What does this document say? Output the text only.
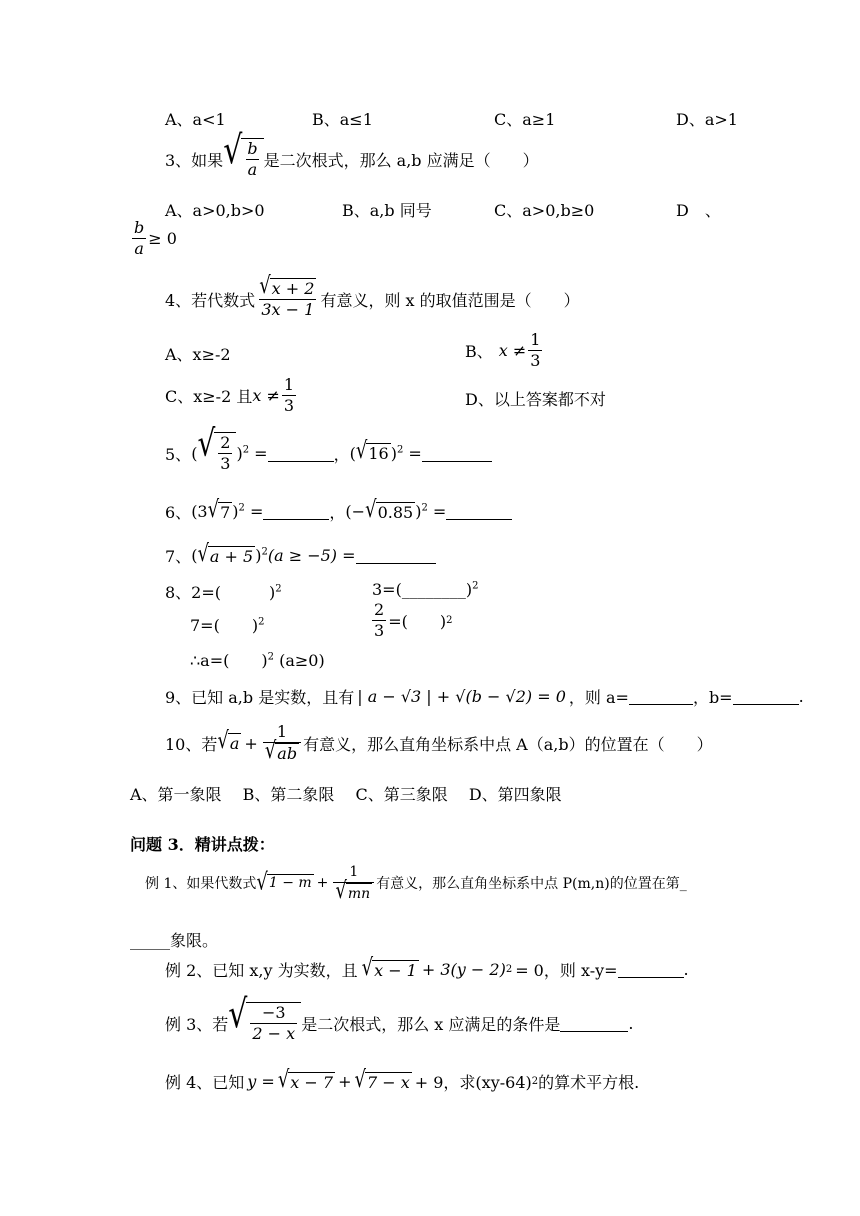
A、a<1	B、a≤1	C、a≥1	D、a>1
3、如果 √ $\frac{b}{a}$ 是二次根式，那么 a,b 应满足（　　）
A、a>0,b>0	B、a,b 同号	C、a>0,b≥0	D　、
$\frac{b}{a} \ge 0$
4、若代数式 $\frac{√ x + 2}{3x - 1}$ 有意义，则 x 的取值范围是（　　）
A、x≥-2	B、 $x \ne \frac{1}{3}$
C、x≥-2 且 $x \ne \frac{1}{3}$	D、以上答案都不对
5、 ( √ $\frac{2}{3} )^2$ =	， ( √ 16 )$^2$ =
6、 (3 √ 7 )$^2$ =	， (− √ 0.85 )$^2$ =
7、 ( √ a + 5 )$^2$ (a ≥ −5) =
8、2=(　　　)$^2$	3=(________)$^2$
7=(　　)$^2$	$\frac{2}{3}$ =(　　) 2
∴a=(　　)$^2$ (a≥0)
9、已知 a,b 是实数，且有 | a − √3 | + √(b − √2) = 0 ，则 a=	，b=	.
10、若 √ $a + \frac{1}{√ ab}$ 有意义，那么直角坐标系中点 A（a,b）的位置在（　　）
A、第一象限　 B、第二象限　 C、第三象限　 D、第四象限
问题 3．精讲点拨：
例 1、如果代数式 √ $1 - m + \frac{1}{√ mn}$ 有意义，那么直角坐标系中点 P(m,n)的位置在第_
_____象限。
例 2、已知 x,y 为实数，且 √ x − 1 + 3(y − 2) 2 = 0，则 x-y=	.
例 3、若 √ $\frac{-3}{2 - x}$ 是二次根式，那么 x 应满足的条件是	.
例 4、已知 y = √ x − 7 + √ 7 − x + 9，求(xy-64) 2 的算术平方根.
